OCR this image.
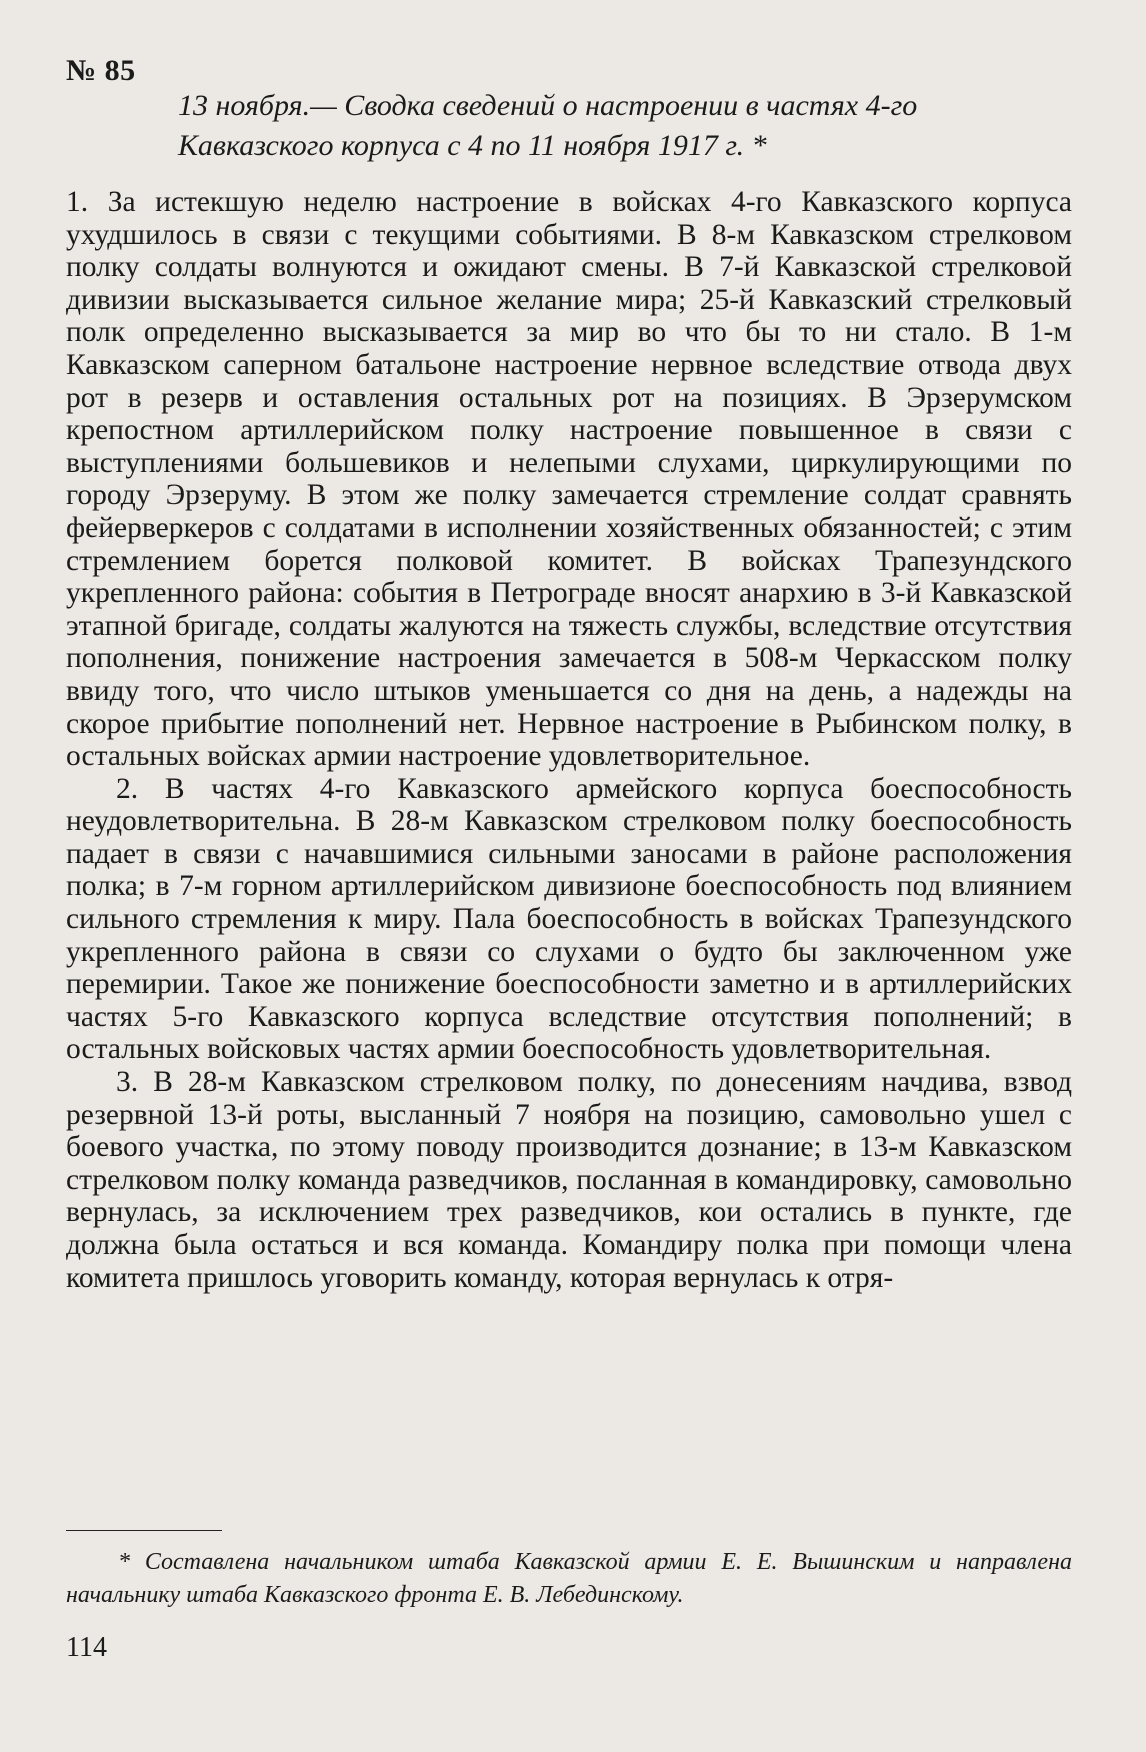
№ 85
13 ноября.— Сводка сведений о настроении в частях 4-го Кавказского корпуса с 4 по 11 ноября 1917 г. *

1. За истекшую неделю настроение в войсках 4-го Кавказского корпуса ухудшилось в связи с текущими событиями. В 8-м Кавказском стрелковом полку солдаты волнуются и ожидают смены. В 7-й Кавказской стрелковой дивизии высказывается сильное желание мира; 25-й Кавказский стрелковый полк определенно высказывается за мир во что бы то ни стало. В 1-м Кавказском саперном батальоне настроение нервное вследствие отвода двух рот в резерв и оставления остальных рот на позициях. В Эрзерумском крепостном артиллерийском полку настроение повышенное в связи с выступлениями большевиков и нелепыми слухами, циркулирующими по городу Эрзеруму. В этом же полку замечается стремление солдат сравнять фейерверкеров с солдатами в исполнении хозяйственных обязанностей; с этим стремлением борется полковой комитет. В войсках Трапезундского укрепленного района: события в Петрограде вносят анархию в 3-й Кавказской этапной бригаде, солдаты жалуются на тяжесть службы, вследствие отсутствия пополнения, понижение настроения замечается в 508-м Черкасском полку ввиду того, что число штыков уменьшается со дня на день, а надежды на скорое прибытие пополнений нет. Нервное настроение в Рыбинском полку, в остальных войсках армии настроение удовлетворительное.

2. В частях 4-го Кавказского армейского корпуса боеспособность неудовлетворительна. В 28-м Кавказском стрелковом полку боеспособность падает в связи с начавшимися сильными заносами в районе расположения полка; в 7-м горном артиллерийском дивизионе боеспособность под влиянием сильного стремления к миру. Пала боеспособность в войсках Трапезундского укрепленного района в связи со слухами о будто бы заключенном уже перемирии. Такое же понижение боеспособности заметно и в артиллерийских частях 5-го Кавказского корпуса вследствие отсутствия пополнений; в остальных войсковых частях армии боеспособность удовлетворительная.

3. В 28-м Кавказском стрелковом полку, по донесениям начдива, взвод резервной 13-й роты, высланный 7 ноября на позицию, самовольно ушел с боевого участка, по этому поводу производится дознание; в 13-м Кавказском стрелковом полку команда разведчиков, посланная в командировку, самовольно вернулась, за исключением трех разведчиков, кои остались в пункте, где должна была остаться и вся команда. Командиру полка при помощи члена комитета пришлось уговорить команду, которая вернулась к отря-

* Составлена начальником штаба Кавказской армии Е. Е. Вышинским и направлена начальнику штаба Кавказского фронта Е. В. Лебединскому.
114
